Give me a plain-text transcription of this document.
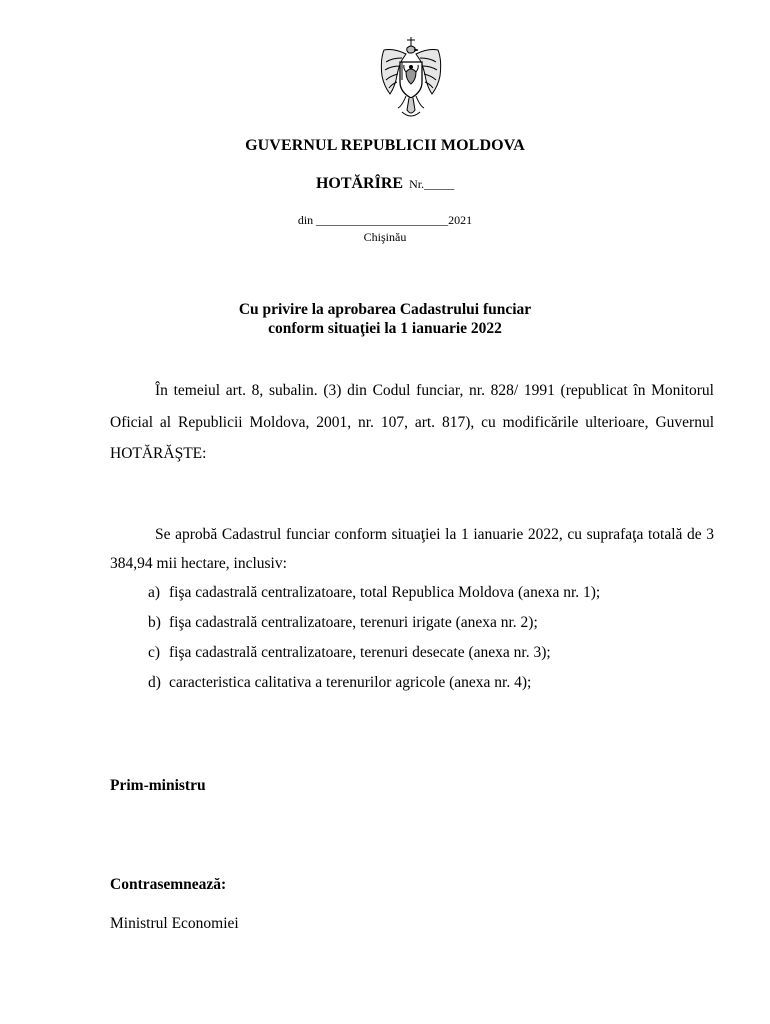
GUVERNUL REPUBLICII MOLDOVA
HOTĂRÎRE Nr._____
din ______________________2021
Chişinău
Cu privire la aprobarea Cadastrului funciar
conform situaţiei la 1 ianuarie 2022
În temeiul art. 8, subalin. (3) din Codul funciar, nr. 828/ 1991 (republicat în Monitorul Oficial al Republicii Moldova, 2001, nr. 107, art. 817), cu modificările ulterioare, Guvernul HOTĂRĂŞTE:
Se aprobă Cadastrul funciar conform situaţiei la 1 ianuarie 2022, cu suprafaţa totală de 3 384,94 mii hectare, inclusiv:
a) fişa cadastrală centralizatoare, total Republica Moldova (anexa nr. 1);
b) fişa cadastrală centralizatoare, terenuri irigate (anexa nr. 2);
c) fişa cadastrală centralizatoare, terenuri desecate (anexa nr. 3);
d) caracteristica calitativa a terenurilor agricole (anexa nr. 4);
Prim-ministru
Contrasemnează:
Ministrul Economiei
